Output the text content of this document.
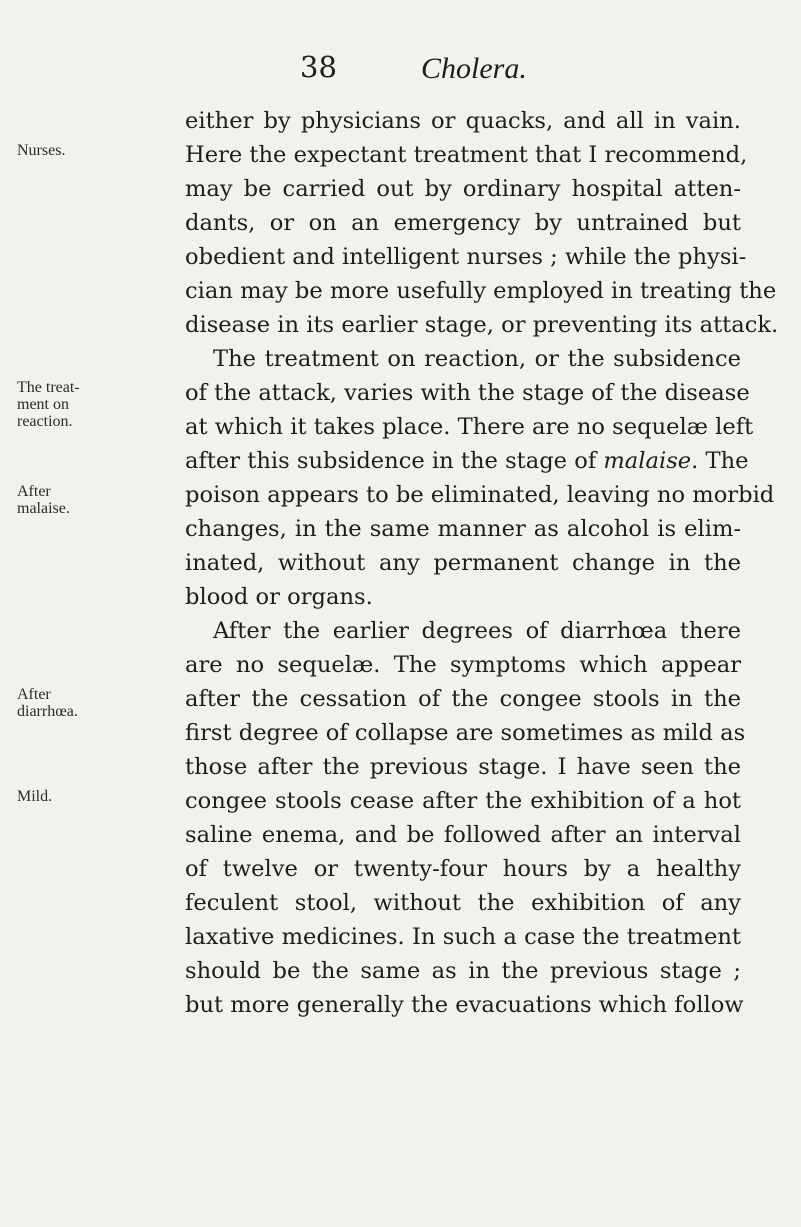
38	Cholera.
Nurses.
The treat-
ment on
reaction.
After
malaise.
After
diarrhœa.
Mild.
either by physicians or quacks, and all in vain.
Here the expectant treatment that I recommend,
may be carried out by ordinary hospital atten-
dants, or on an emergency by untrained but
obedient and intelligent nurses ; while the physi-
cian may be more usefully employed in treating the
disease in its earlier stage, or preventing its attack.
The treatment on reaction, or the subsidence
of the attack, varies with the stage of the disease
at which it takes place. There are no sequelæ left
after this subsidence in the stage of malaise. The
poison appears to be eliminated, leaving no morbid
changes, in the same manner as alcohol is elim-
inated, without any permanent change in the
blood or organs.
After the earlier degrees of diarrhœa there
are no sequelæ. The symptoms which appear
after the cessation of the congee stools in the
first degree of collapse are sometimes as mild as
those after the previous stage. I have seen the
congee stools cease after the exhibition of a hot
saline enema, and be followed after an interval
of twelve or twenty-four hours by a healthy
feculent stool, without the exhibition of any
laxative medicines. In such a case the treatment
should be the same as in the previous stage ;
but more generally the evacuations which follow
